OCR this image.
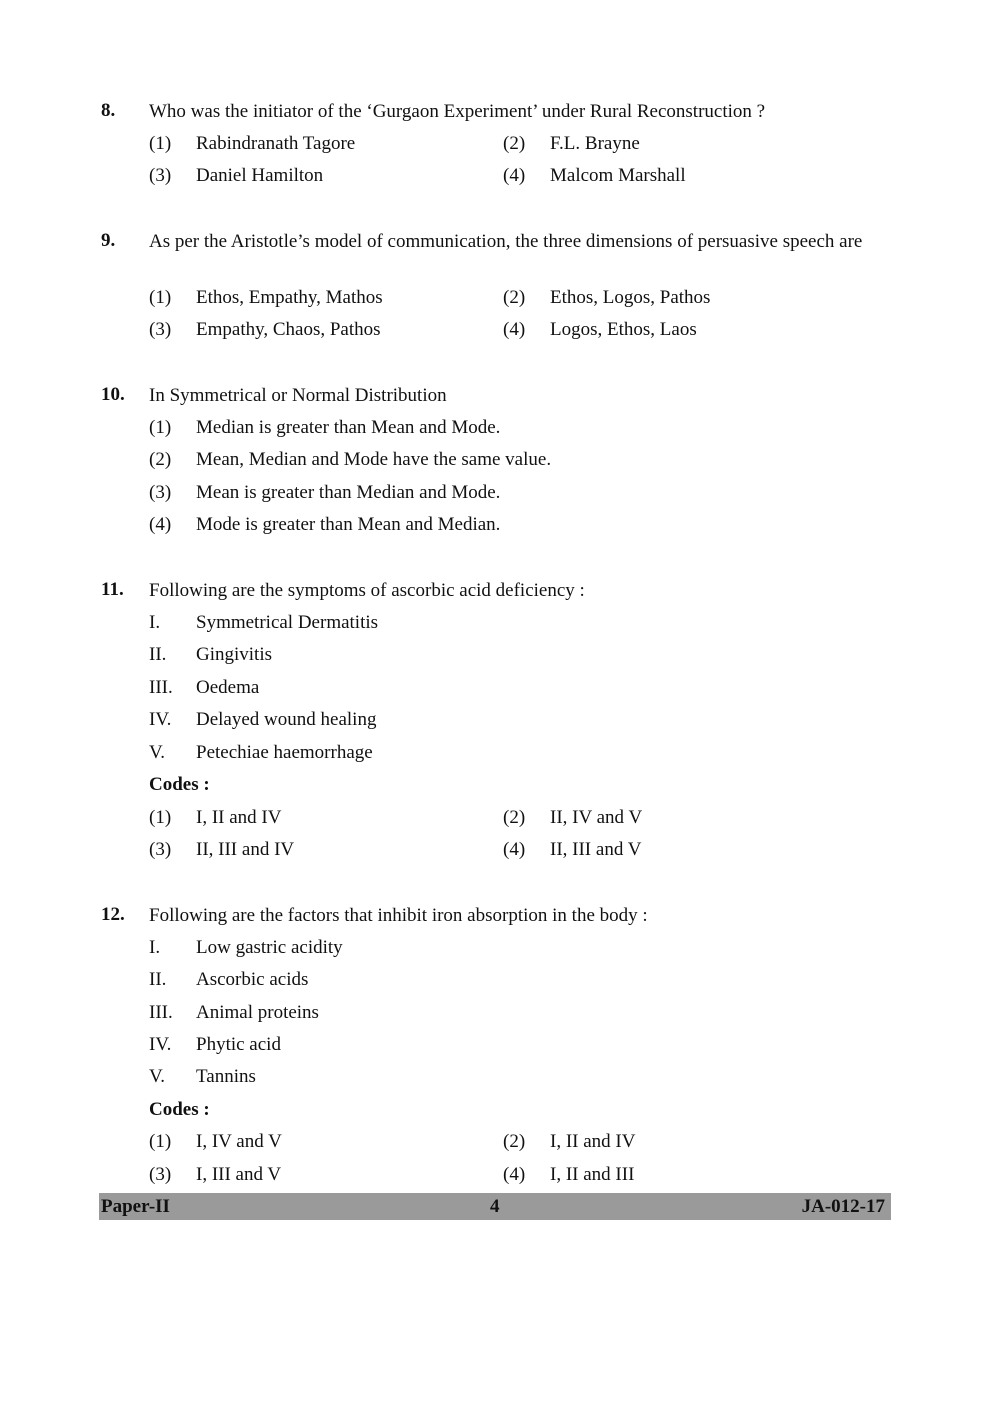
8. Who was the initiator of the ‘Gurgaon Experiment’ under Rural Reconstruction ?
(1) Rabindranath Tagore	(2) F.L. Brayne
(3) Daniel Hamilton	(4) Malcom Marshall
9. As per the Aristotle’s model of communication, the three dimensions of persuasive speech are
(1) Ethos, Empathy, Mathos	(2) Ethos, Logos, Pathos
(3) Empathy, Chaos, Pathos	(4) Logos, Ethos, Laos
10. In Symmetrical or Normal Distribution
(1) Median is greater than Mean and Mode.
(2) Mean, Median and Mode have the same value.
(3) Mean is greater than Median and Mode.
(4) Mode is greater than Mean and Median.
11. Following are the symptoms of ascorbic acid deficiency :
I. Symmetrical Dermatitis
II. Gingivitis
III. Oedema
IV. Delayed wound healing
V. Petechiae haemorrhage
Codes :
(1) I, II and IV	(2) II, IV and V
(3) II, III and IV	(4) II, III and V
12. Following are the factors that inhibit iron absorption in the body :
I. Low gastric acidity
II. Ascorbic acids
III. Animal proteins
IV. Phytic acid
V. Tannins
Codes :
(1) I, IV and V	(2) I, II and IV
(3) I, III and V	(4) I, II and III
Paper-II	4	JA-012-17
